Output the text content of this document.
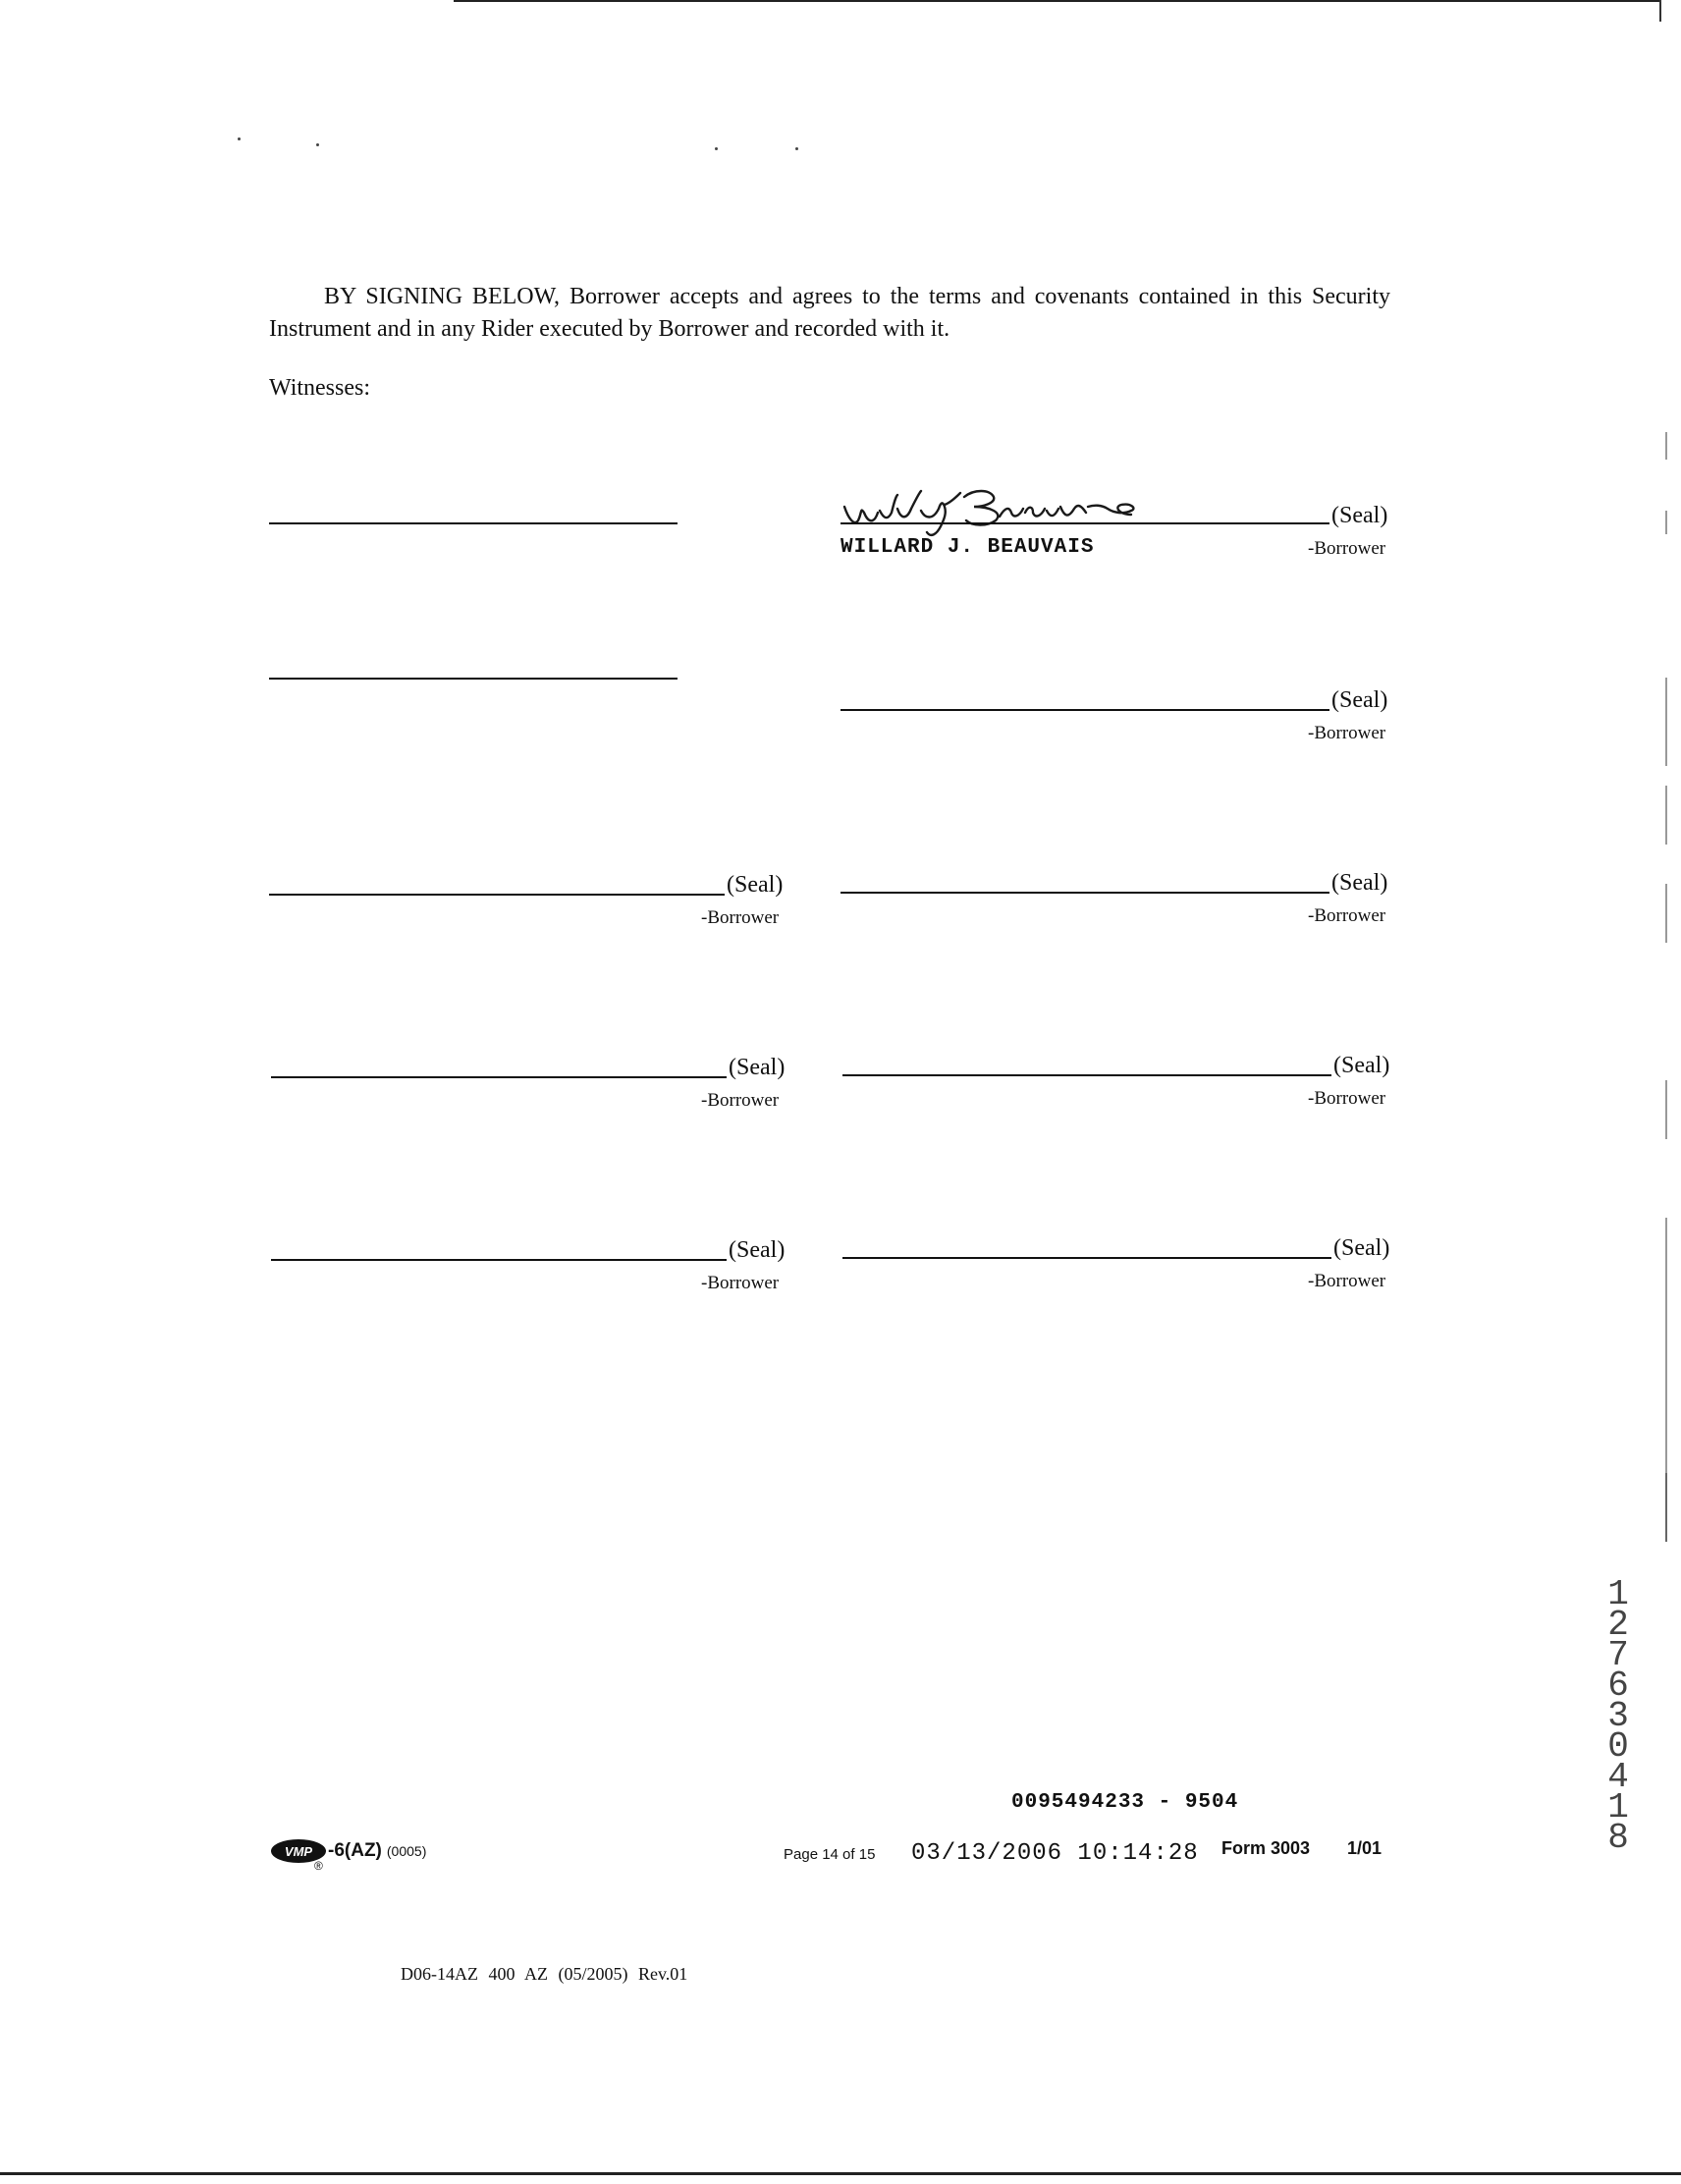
BY SIGNING BELOW, Borrower accepts and agrees to the terms and covenants contained in this Security Instrument and in any Rider executed by Borrower and recorded with it.
Witnesses:
(Seal)
WILLARD J. BEAUVAIS	-Borrower
(Seal)
-Borrower
(Seal)
-Borrower
(Seal)
-Borrower
(Seal)
-Borrower
(Seal)
-Borrower
(Seal)
-Borrower
(Seal)
-Borrower
12763 0418
0095494233 - 9504
VMP
®
-6(AZ) (0005)	Page 14 of 15 03/13/2006 10:14:28 Form 3003 1/01
D06-14AZ 400 AZ (05/2005) Rev.01
